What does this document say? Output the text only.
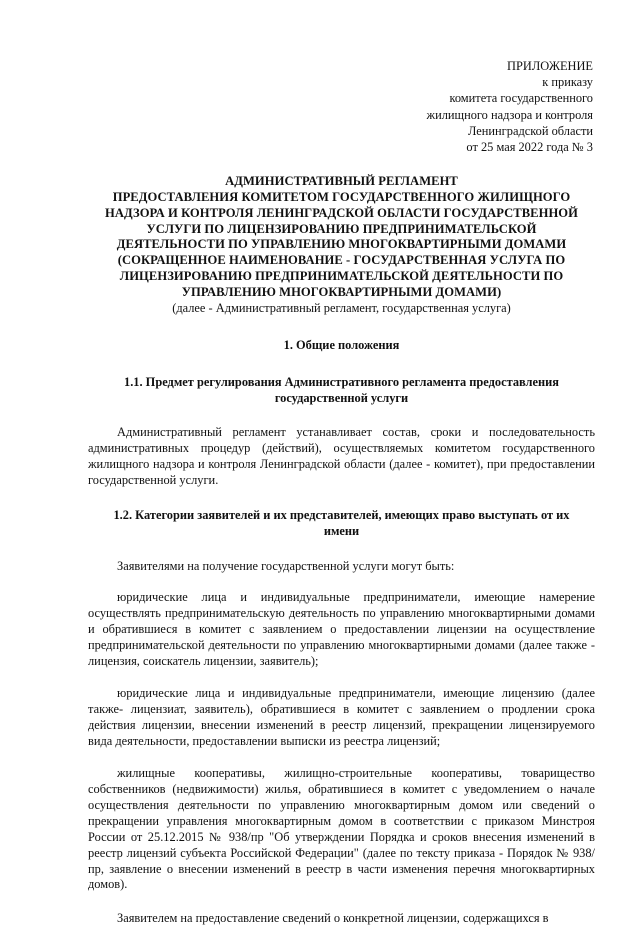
ПРИЛОЖЕНИЕ
к приказу
комитета государственного
жилищного надзора и контроля
Ленинградской области
от 25 мая 2022 года № 3
АДМИНИСТРАТИВНЫЙ РЕГЛАМЕНТ
ПРЕДОСТАВЛЕНИЯ КОМИТЕТОМ ГОСУДАРСТВЕННОГО ЖИЛИЩНОГО
НАДЗОРА И КОНТРОЛЯ ЛЕНИНГРАДСКОЙ ОБЛАСТИ ГОСУДАРСТВЕННОЙ
УСЛУГИ ПО ЛИЦЕНЗИРОВАНИЮ ПРЕДПРИНИМАТЕЛЬСКОЙ
ДЕЯТЕЛЬНОСТИ ПО УПРАВЛЕНИЮ МНОГОКВАРТИРНЫМИ ДОМАМИ
(СОКРАЩЕННОЕ НАИМЕНОВАНИЕ - ГОСУДАРСТВЕННАЯ УСЛУГА ПО
ЛИЦЕНЗИРОВАНИЮ ПРЕДПРИНИМАТЕЛЬСКОЙ ДЕЯТЕЛЬНОСТИ ПО
УПРАВЛЕНИЮ МНОГОКВАРТИРНЫМИ ДОМАМИ)
(далее - Административный регламент, государственная услуга)
1. Общие положения
1.1. Предмет регулирования Административного регламента предоставления
государственной услуги

Административный регламент устанавливает состав, сроки и последовательность административных процедур (действий), осуществляемых комитетом государственного жилищного надзора и контроля Ленинградской области (далее - комитет), при предоставлении государственной услуги.

1.2. Категории заявителей и их представителей, имеющих право выступать от их
имени

Заявителями на получение государственной услуги могут быть:

юридические лица и индивидуальные предприниматели, имеющие намерение осуществлять предпринимательскую деятельность по управлению многоквартирными домами и обратившиеся в комитет с заявлением о предоставлении лицензии на осуществление предпринимательской деятельности по управлению многоквартирными домами (далее также - лицензия, соискатель лицензии, заявитель);

юридические лица и индивидуальные предприниматели, имеющие лицензию (далее также- лицензиат, заявитель), обратившиеся в комитет с заявлением о продлении срока действия лицензии, внесении изменений в реестр лицензий, прекращении лицензируемого вида деятельности, предоставлении выписки из реестра лицензий;

жилищные кооперативы, жилищно-строительные кооперативы, товарищество собственников (недвижимости) жилья, обратившиеся в комитет с уведомлением о начале осуществления деятельности по управлению многоквартирным домом или сведений о прекращении управления многоквартирным домом в соответствии с приказом Минстроя России от 25.12.2015 № 938/пр "Об утверждении Порядка и сроков внесения изменений в реестр лицензий субъекта Российской Федерации" (далее по тексту приказа - Порядок № 938/пр, заявление о внесении изменений в реестр в части изменения перечня многоквартирных домов).

Заявителем на предоставление сведений о конкретной лицензии, содержащихся в
